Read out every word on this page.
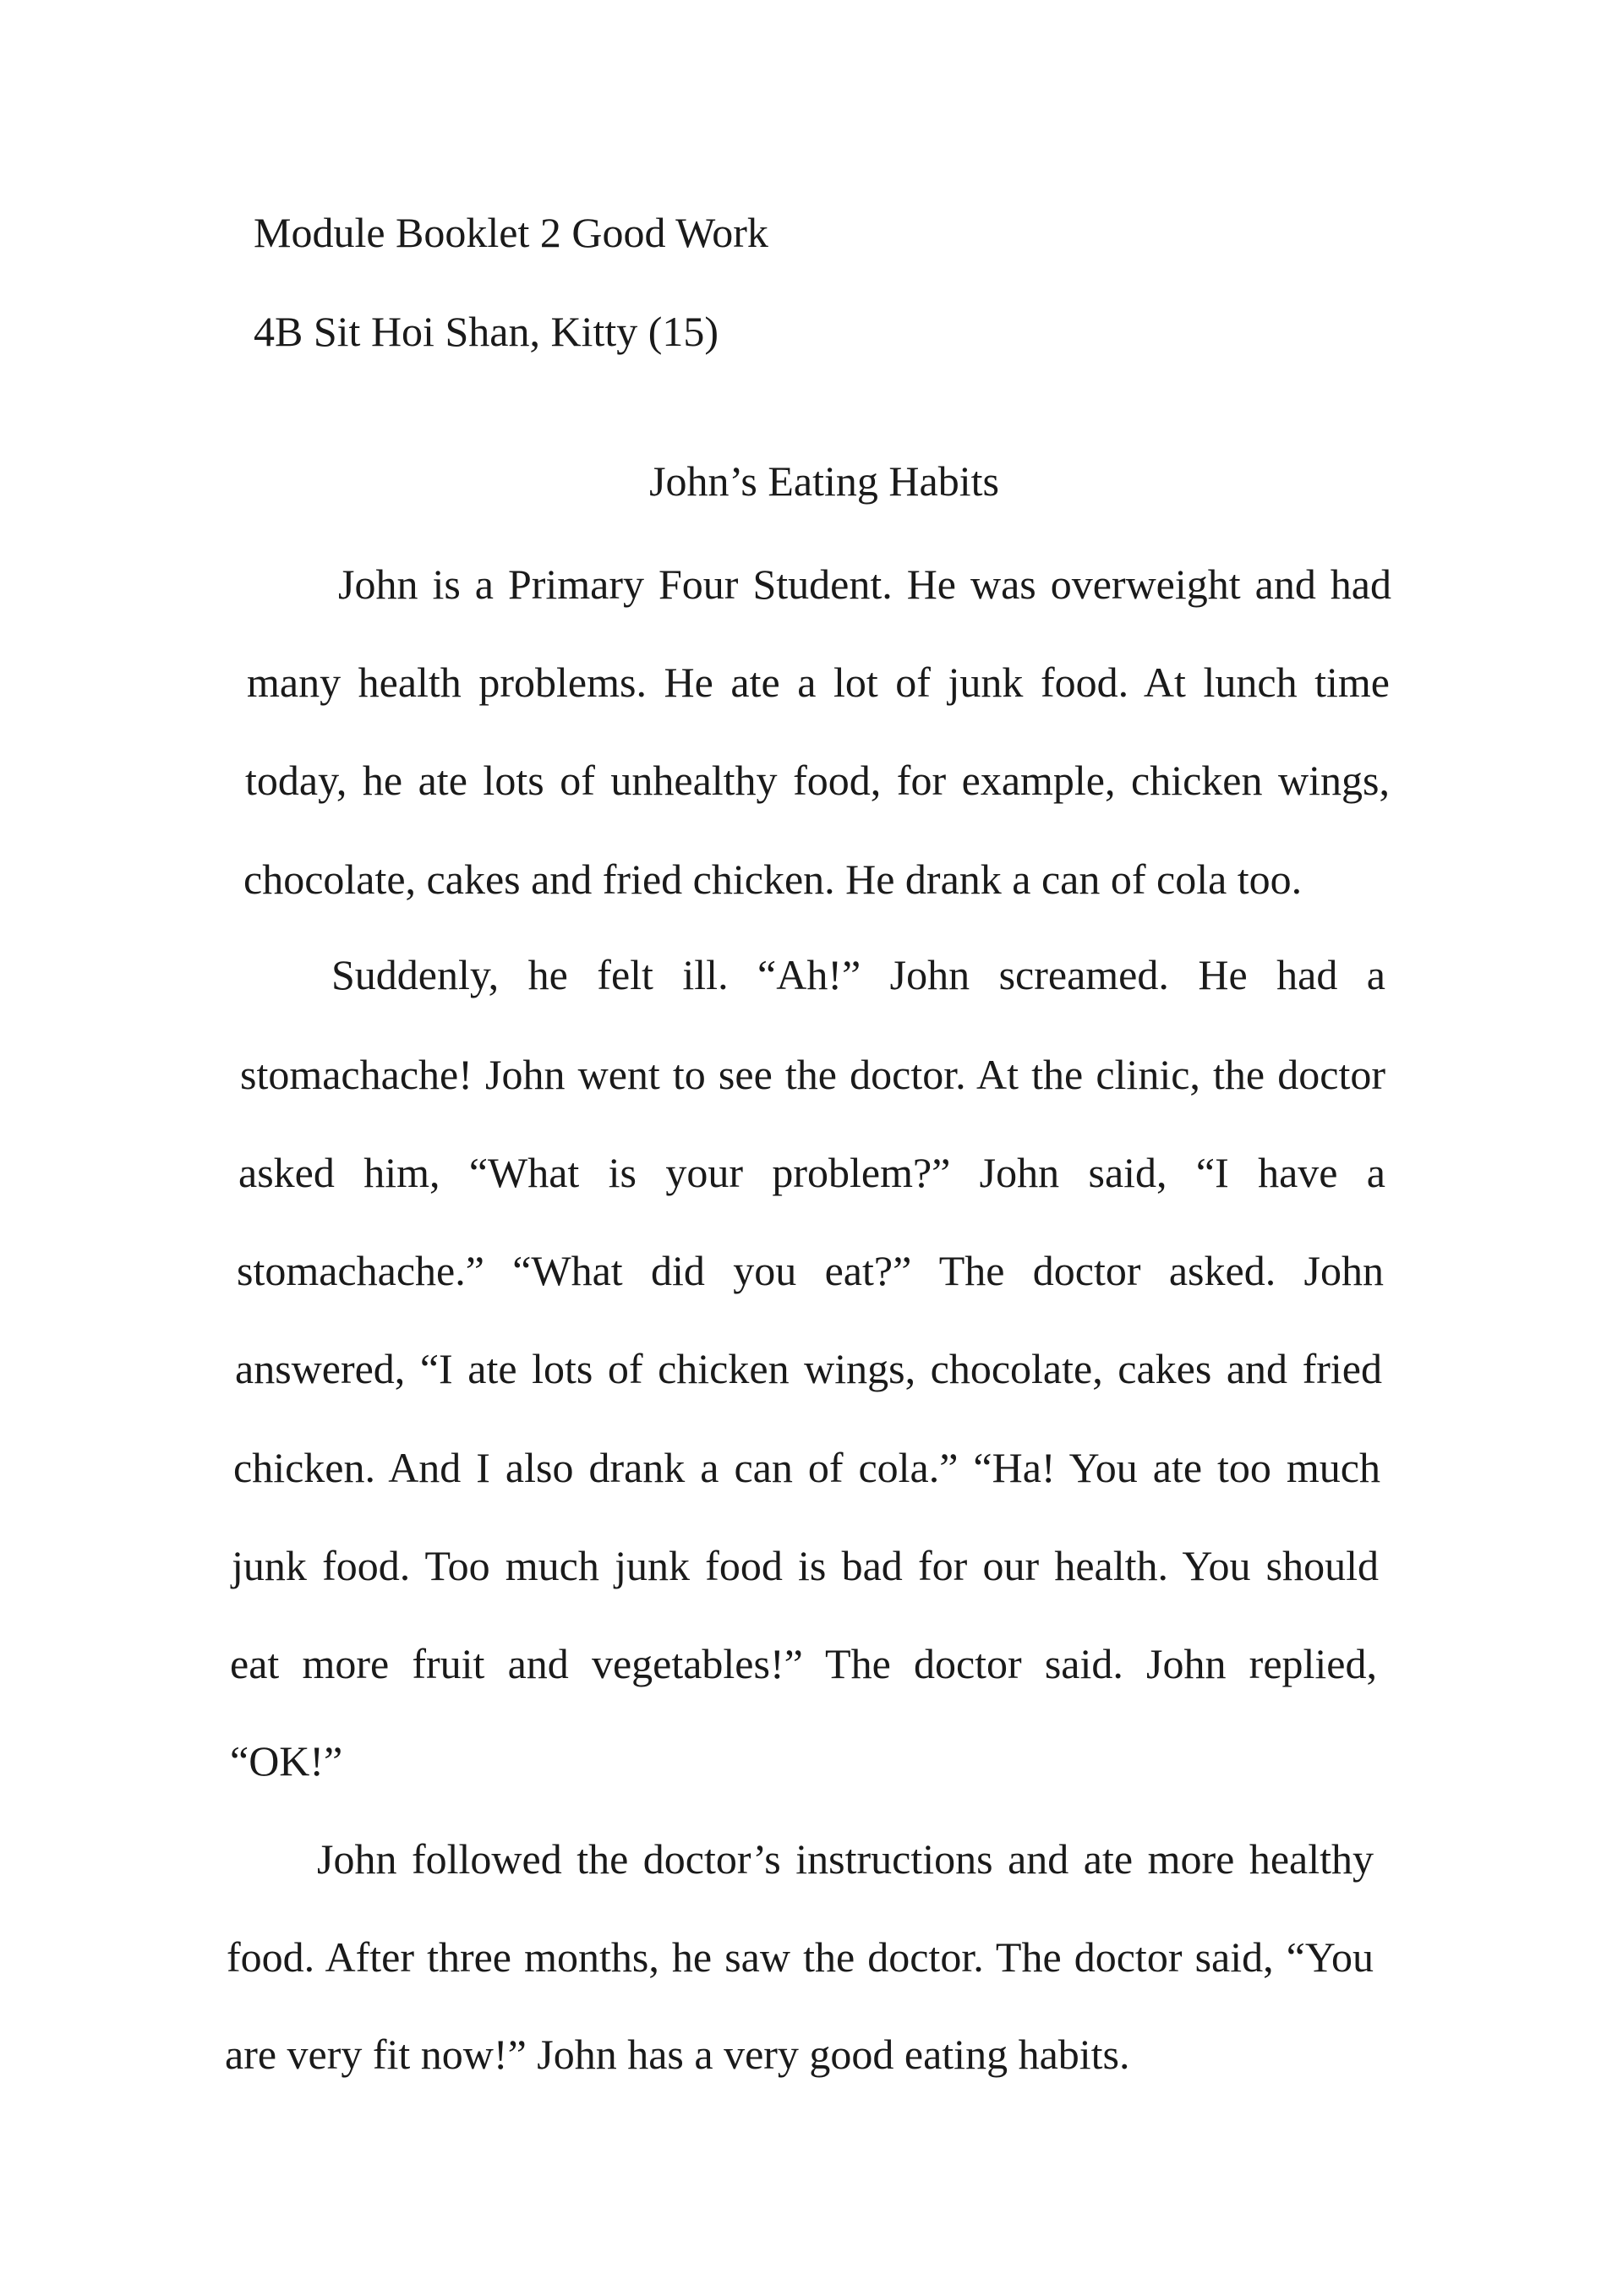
Module Booklet 2 Good Work
4B Sit Hoi Shan, Kitty (15)
John’s Eating Habits
John is a Primary Four Student. He was overweight and had
many health problems. He ate a lot of junk food. At lunch time
today, he ate lots of unhealthy food, for example, chicken wings,
chocolate, cakes and fried chicken. He drank a can of cola too.
Suddenly, he felt ill. “Ah!” John screamed. He had a
stomachache! John went to see the doctor. At the clinic, the doctor
asked him, “What is your problem?” John said, “I have a
stomachache.” “What did you eat?” The doctor asked. John
answered, “I ate lots of chicken wings, chocolate, cakes and fried
chicken. And I also drank a can of cola.” “Ha! You ate too much
junk food. Too much junk food is bad for our health. You should
eat more fruit and vegetables!” The doctor said. John replied,
“OK!”
John followed the doctor’s instructions and ate more healthy
food. After three months, he saw the doctor. The doctor said, “You
are very fit now!” John has a very good eating habits.
